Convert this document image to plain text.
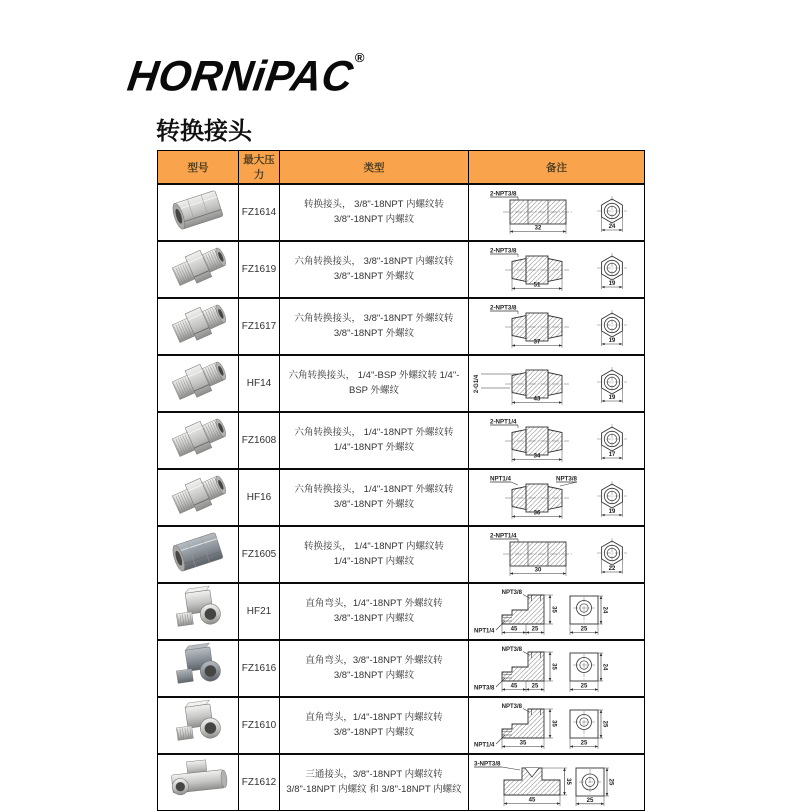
HORNiPAC®
转换接头
型号	最大压力	类型	备注
	FZ1614	转换接头， 3/8"-18NPT 内螺纹转 3/8"-18NPT 内螺纹	32
2-NPT3/8
24

	FZ1619	六角转换接头， 3/8"-18NPT 内螺纹转 3/8"-18NPT 外螺纹	51
2-NPT3/8
19

	FZ1617	六角转换接头， 3/8"-18NPT 外螺纹转 3/8"-18NPT 外螺纹	37
2-NPT3/8
19

	HF14	六角转换接头， 1/4"-BSP 外螺纹转 1/4"-BSP 外螺纹	43
2-G1/4
19

	FZ1608	六角转换接头， 1/4"-18NPT 外螺纹转 1/4"-18NPT 外螺纹	34
2-NPT1/4
17

	HF16	六角转换接头， 1/4"-18NPT 外螺纹转 3/8"-18NPT 外螺纹	36
NPT1/4 NPT3/8
19

	FZ1605	转换接头， 1/4"-18NPT 内螺纹转 1/4"-18NPT 内螺纹	30
2-NPT1/4
22

	HF21	直角弯头，1/4"-18NPT 外螺纹转 3/8"-18NPT 内螺纹	
NPT3/8
NPT1/4	45 25
35
25
24

	FZ1616	直角弯头，3/8"-18NPT 外螺纹转 3/8"-18NPT 内螺纹	
NPT3/8
NPT3/8	45 25
35
25
24

	FZ1610	直角弯头，1/4"-18NPT 内螺纹转 3/8"-18NPT 内螺纹	
NPT3/8
NPT1/4	35
35
25
25

	FZ1612	三通接头，3/8"-18NPT 内螺纹转 3/8"-18NPT 内螺纹 和 3/8"-18NPT 内螺纹	3-NPT3/8
45
35
25
25
